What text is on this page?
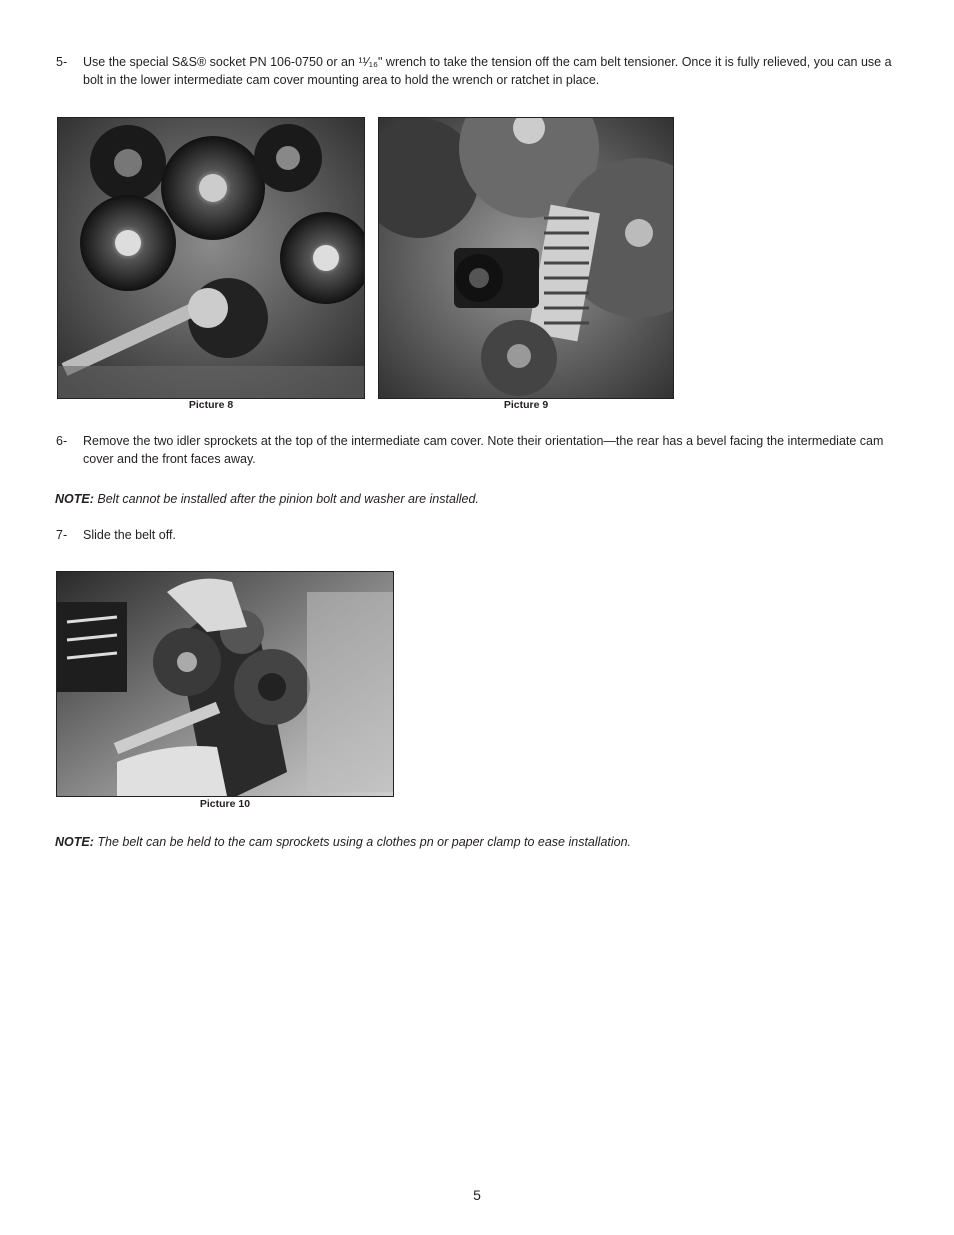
5- Use the special S&S® socket PN 106-0750 or an ¹¹⁄₁₆" wrench to take the tension off the cam belt tensioner. Once it is fully relieved, you can use a bolt in the lower intermediate cam cover mounting area to hold the wrench or ratchet in place.
Picture 8	Picture 9
6- Remove the two idler sprockets at the top of the intermediate cam cover. Note their orientation—the rear has a bevel facing the intermediate cam cover and the front faces away.
NOTE: Belt cannot be installed after the pinion bolt and washer are installed.
7- Slide the belt off.
Picture 10
NOTE: The belt can be held to the cam sprockets using a clothes pn or paper clamp to ease installation.
5
